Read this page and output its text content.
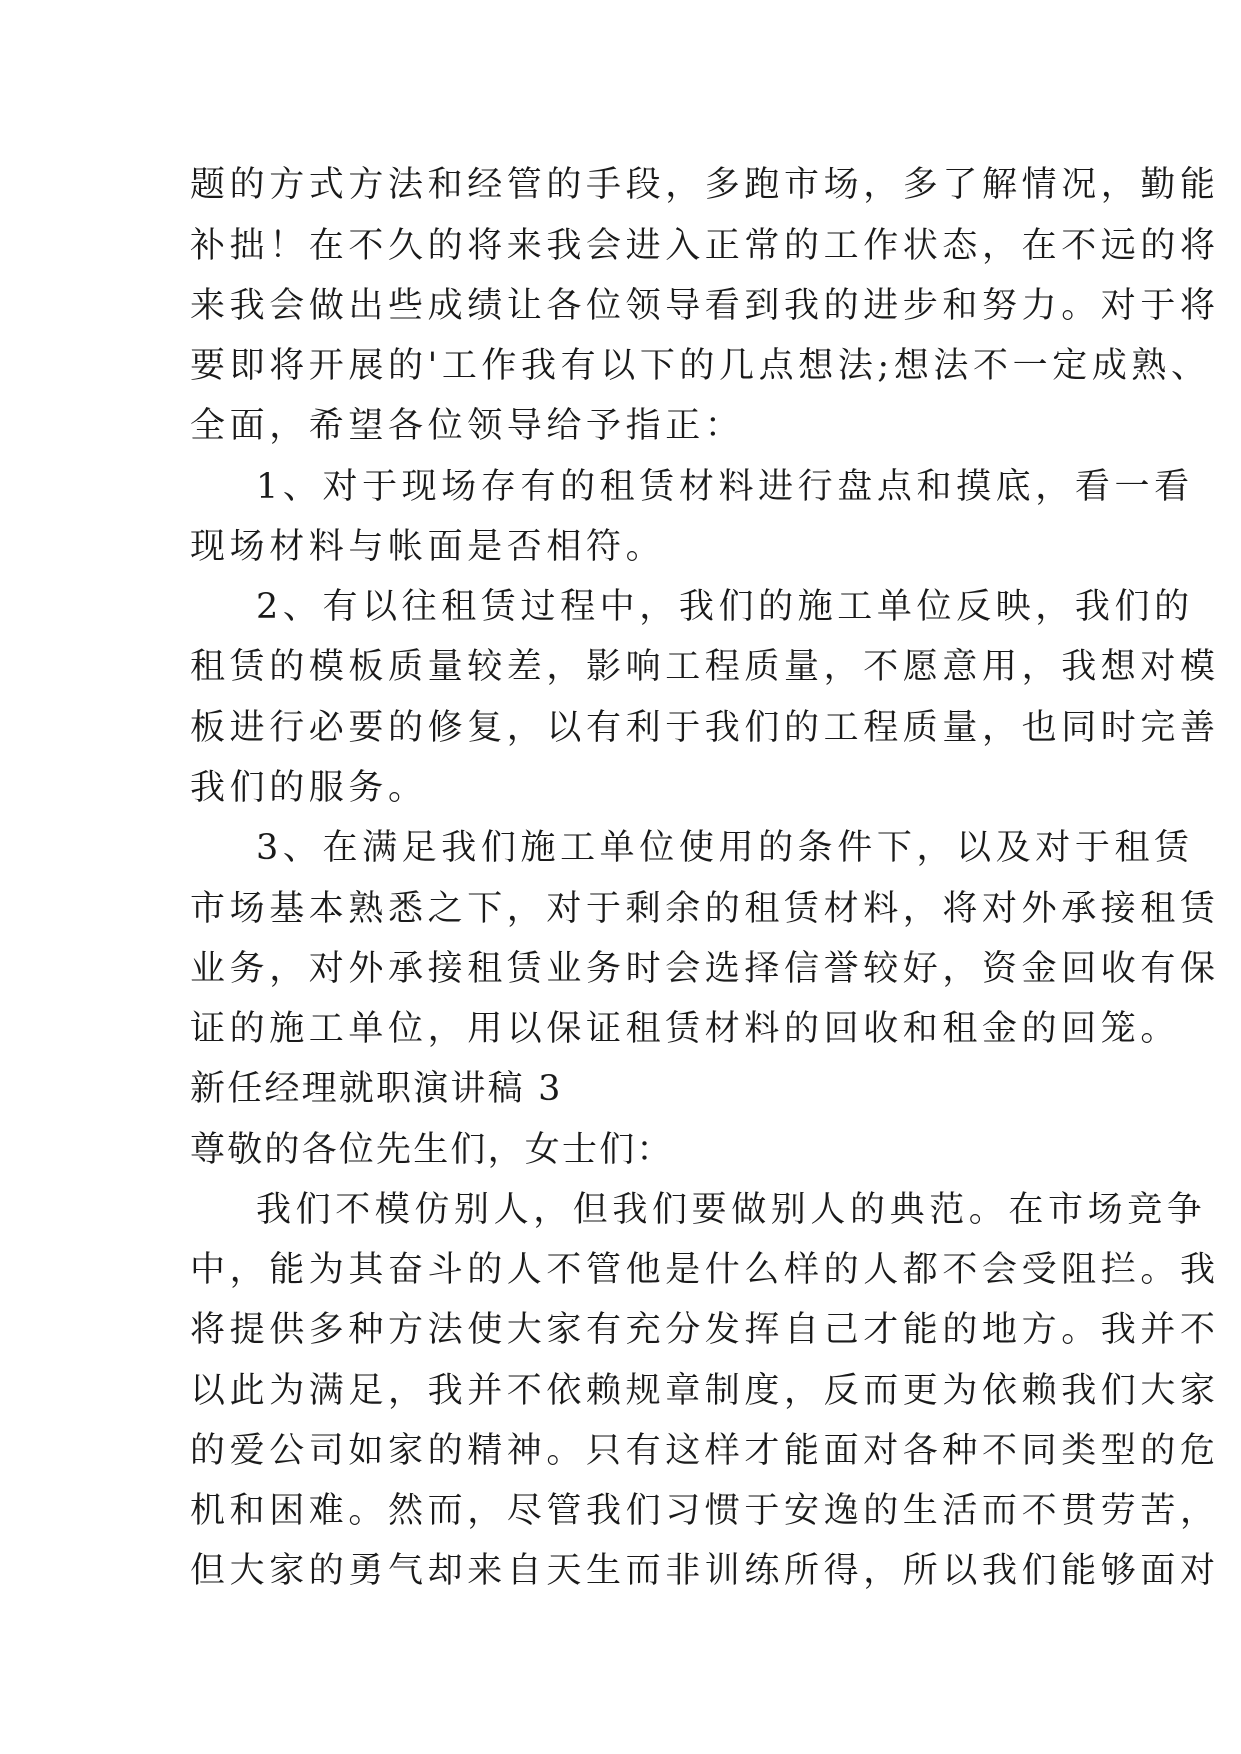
题的方式方法和经管的手段，多跑市场，多了解情况，勤能
补拙！在不久的将来我会进入正常的工作状态，在不远的将
来我会做出些成绩让各位领导看到我的进步和努力。对于将
要即将开展的'工作我有以下的几点想法;想法不一定成熟、
全面，希望各位领导给予指正：
1、对于现场存有的租赁材料进行盘点和摸底，看一看
现场材料与帐面是否相符。
2、有以往租赁过程中，我们的施工单位反映，我们的
租赁的模板质量较差，影响工程质量，不愿意用，我想对模
板进行必要的修复，以有利于我们的工程质量，也同时完善
我们的服务。
3、在满足我们施工单位使用的条件下，以及对于租赁
市场基本熟悉之下，对于剩余的租赁材料，将对外承接租赁
业务，对外承接租赁业务时会选择信誉较好，资金回收有保
证的施工单位，用以保证租赁材料的回收和租金的回笼。
新任经理就职演讲稿 3
尊敬的各位先生们，女士们：
我们不模仿别人，但我们要做别人的典范。在市场竞争
中，能为其奋斗的人不管他是什么样的人都不会受阻拦。我
将提供多种方法使大家有充分发挥自己才能的地方。我并不
以此为满足，我并不依赖规章制度，反而更为依赖我们大家
的爱公司如家的精神。只有这样才能面对各种不同类型的危
机和困难。然而，尽管我们习惯于安逸的生活而不贯劳苦，
但大家的勇气却来自天生而非训练所得，所以我们能够面对
